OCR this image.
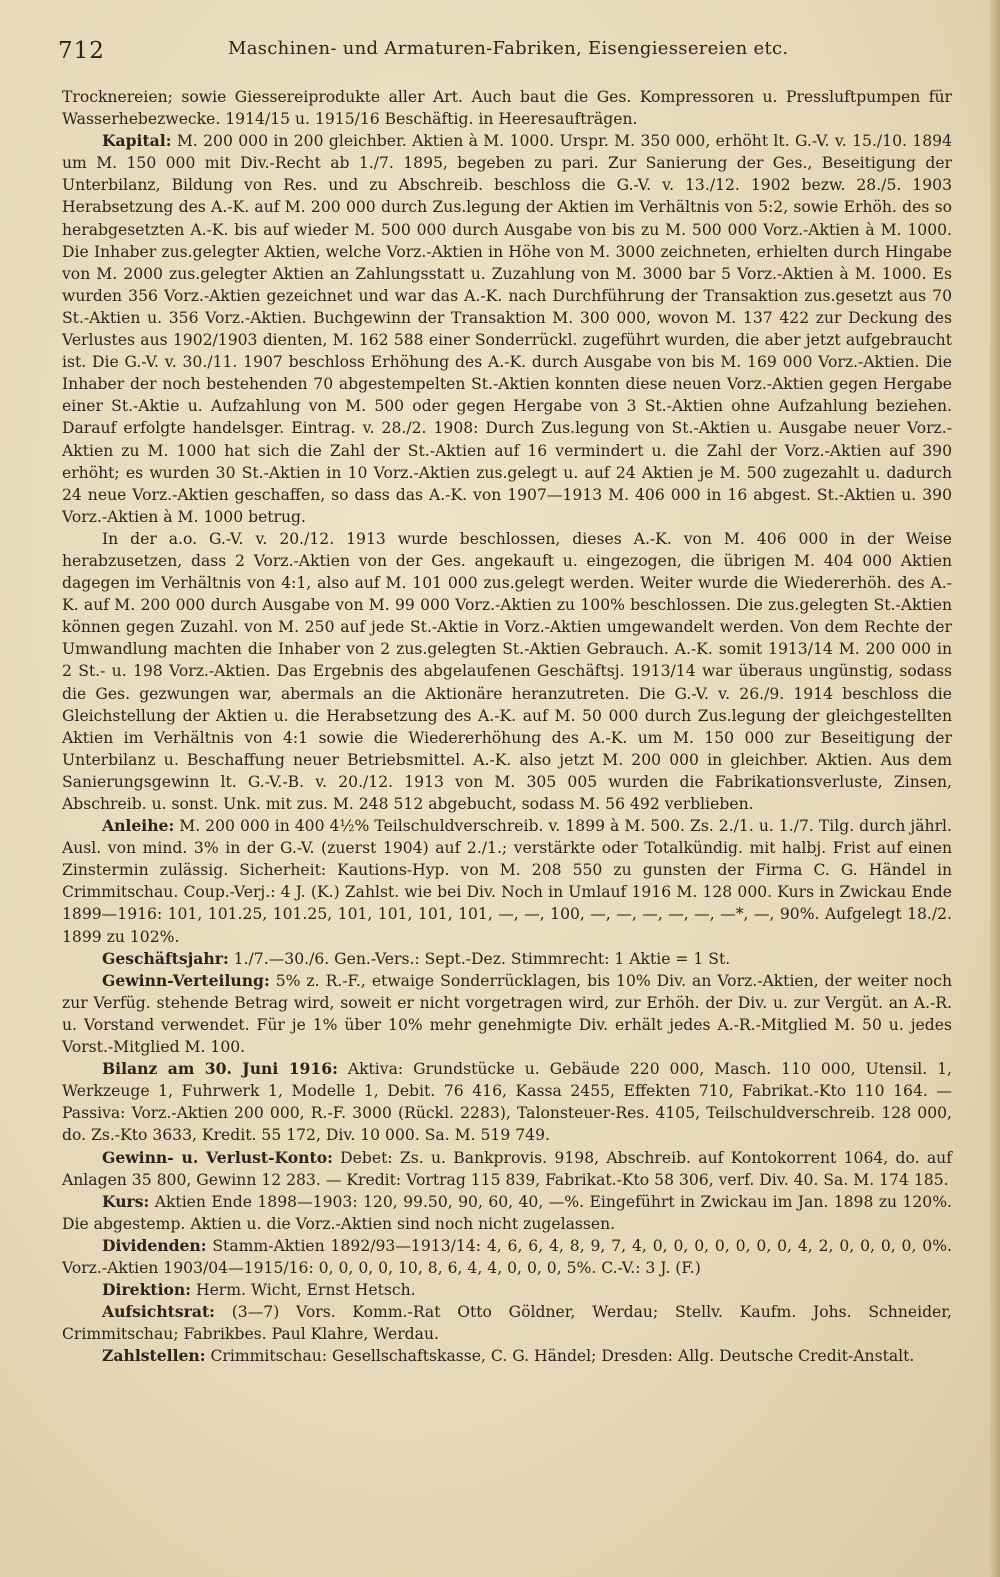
712	Maschinen- und Armaturen-Fabriken, Eisengiessereien etc.

Trocknereien; sowie Giessereiprodukte aller Art. Auch baut die Ges. Kompressoren u. Pressluftpumpen für Wasserhebezwecke. 1914/15 u. 1915/16 Beschäftig. in Heeresaufträgen.

Kapital: M. 200 000 in 200 gleichber. Aktien à M. 1000. Urspr. M. 350 000, erhöht lt. G.-V. v. 15./10. 1894 um M. 150 000 mit Div.-Recht ab 1./7. 1895, begeben zu pari. Zur Sanierung der Ges., Beseitigung der Unterbilanz, Bildung von Res. und zu Abschreib. beschloss die G.-V. v. 13./12. 1902 bezw. 28./5. 1903 Herabsetzung des A.-K. auf M. 200 000 durch Zus.legung der Aktien im Verhältnis von 5:2, sowie Erhöh. des so herabgesetzten A.-K. bis auf wieder M. 500 000 durch Ausgabe von bis zu M. 500 000 Vorz.-Aktien à M. 1000. Die Inhaber zus.gelegter Aktien, welche Vorz.-Aktien in Höhe von M. 3000 zeichneten, erhielten durch Hingabe von M. 2000 zus.gelegter Aktien an Zahlungsstatt u. Zuzahlung von M. 3000 bar 5 Vorz.-Aktien à M. 1000. Es wurden 356 Vorz.-Aktien gezeichnet und war das A.-K. nach Durchführung der Transaktion zus.gesetzt aus 70 St.-Aktien u. 356 Vorz.-Aktien. Buchgewinn der Transaktion M. 300 000, wovon M. 137 422 zur Deckung des Verlustes aus 1902/1903 dienten, M. 162 588 einer Sonderrückl. zugeführt wurden, die aber jetzt aufgebraucht ist. Die G.-V. v. 30./11. 1907 beschloss Erhöhung des A.-K. durch Ausgabe von bis M. 169 000 Vorz.-Aktien. Die Inhaber der noch bestehenden 70 abgestempelten St.-Aktien konnten diese neuen Vorz.-Aktien gegen Hergabe einer St.-Aktie u. Aufzahlung von M. 500 oder gegen Hergabe von 3 St.-Aktien ohne Aufzahlung beziehen. Darauf erfolgte handelsger. Eintrag. v. 28./2. 1908: Durch Zus.legung von St.-Aktien u. Ausgabe neuer Vorz.-Aktien zu M. 1000 hat sich die Zahl der St.-Aktien auf 16 vermindert u. die Zahl der Vorz.-Aktien auf 390 erhöht; es wurden 30 St.-Aktien in 10 Vorz.-Aktien zus.gelegt u. auf 24 Aktien je M. 500 zugezahlt u. dadurch 24 neue Vorz.-Aktien geschaffen, so dass das A.-K. von 1907—1913 M. 406 000 in 16 abgest. St.-Aktien u. 390 Vorz.-Aktien à M. 1000 betrug.

In der a.o. G.-V. v. 20./12. 1913 wurde beschlossen, dieses A.-K. von M. 406 000 in der Weise herabzusetzen, dass 2 Vorz.-Aktien von der Ges. angekauft u. eingezogen, die übrigen M. 404 000 Aktien dagegen im Verhältnis von 4:1, also auf M. 101 000 zus.gelegt werden. Weiter wurde die Wiedererhöh. des A.-K. auf M. 200 000 durch Ausgabe von M. 99 000 Vorz.-Aktien zu 100% beschlossen. Die zus.gelegten St.-Aktien können gegen Zuzahl. von M. 250 auf jede St.-Aktie in Vorz.-Aktien umgewandelt werden. Von dem Rechte der Umwandlung machten die Inhaber von 2 zus.gelegten St.-Aktien Gebrauch. A.-K. somit 1913/14 M. 200 000 in 2 St.- u. 198 Vorz.-Aktien. Das Ergebnis des abgelaufenen Geschäftsj. 1913/14 war überaus ungünstig, sodass die Ges. gezwungen war, abermals an die Aktionäre heranzutreten. Die G.-V. v. 26./9. 1914 beschloss die Gleichstellung der Aktien u. die Herabsetzung des A.-K. auf M. 50 000 durch Zus.legung der gleichgestellten Aktien im Verhältnis von 4:1 sowie die Wiedererhöhung des A.-K. um M. 150 000 zur Beseitigung der Unterbilanz u. Beschaffung neuer Betriebsmittel. A.-K. also jetzt M. 200 000 in gleichber. Aktien. Aus dem Sanierungsgewinn lt. G.-V.-B. v. 20./12. 1913 von M. 305 005 wurden die Fabrikationsverluste, Zinsen, Abschreib. u. sonst. Unk. mit zus. M. 248 512 abgebucht, sodass M. 56 492 verblieben.

Anleihe: M. 200 000 in 400 4½% Teilschuldverschreib. v. 1899 à M. 500. Zs. 2./1. u. 1./7. Tilg. durch jährl. Ausl. von mind. 3% in der G.-V. (zuerst 1904) auf 2./1.; verstärkte oder Totalkündig. mit halbj. Frist auf einen Zinstermin zulässig. Sicherheit: Kautions-Hyp. von M. 208 550 zu gunsten der Firma C. G. Händel in Crimmitschau. Coup.-Verj.: 4 J. (K.) Zahlst. wie bei Div. Noch in Umlauf 1916 M. 128 000. Kurs in Zwickau Ende 1899—1916: 101, 101.25, 101.25, 101, 101, 101, 101, —, —, 100, —, —, —, —, —, —*, —, 90%. Aufgelegt 18./2. 1899 zu 102%.

Geschäftsjahr: 1./7.—30./6. Gen.-Vers.: Sept.-Dez. Stimmrecht: 1 Aktie = 1 St.

Gewinn-Verteilung: 5% z. R.-F., etwaige Sonderrücklagen, bis 10% Div. an Vorz.-Aktien, der weiter noch zur Verfüg. stehende Betrag wird, soweit er nicht vorgetragen wird, zur Erhöh. der Div. u. zur Vergüt. an A.-R. u. Vorstand verwendet. Für je 1% über 10% mehr genehmigte Div. erhält jedes A.-R.-Mitglied M. 50 u. jedes Vorst.-Mitglied M. 100.

Bilanz am 30. Juni 1916: Aktiva: Grundstücke u. Gebäude 220 000, Masch. 110 000, Utensil. 1, Werkzeuge 1, Fuhrwerk 1, Modelle 1, Debit. 76 416, Kassa 2455, Effekten 710, Fabrikat.-Kto 110 164. — Passiva: Vorz.-Aktien 200 000, R.-F. 3000 (Rückl. 2283), Talonsteuer-Res. 4105, Teilschuldverschreib. 128 000, do. Zs.-Kto 3633, Kredit. 55 172, Div. 10 000. Sa. M. 519 749.

Gewinn- u. Verlust-Konto: Debet: Zs. u. Bankprovis. 9198, Abschreib. auf Kontokorrent 1064, do. auf Anlagen 35 800, Gewinn 12 283. — Kredit: Vortrag 115 839, Fabrikat.-Kto 58 306, verf. Div. 40. Sa. M. 174 185.

Kurs: Aktien Ende 1898—1903: 120, 99.50, 90, 60, 40, —%. Eingeführt in Zwickau im Jan. 1898 zu 120%. Die abgestemp. Aktien u. die Vorz.-Aktien sind noch nicht zugelassen.

Dividenden: Stamm-Aktien 1892/93—1913/14: 4, 6, 6, 4, 8, 9, 7, 4, 0, 0, 0, 0, 0, 0, 0, 4, 2, 0, 0, 0, 0, 0%. Vorz.-Aktien 1903/04—1915/16: 0, 0, 0, 0, 10, 8, 6, 4, 4, 0, 0, 0, 5%. C.-V.: 3 J. (F.)

Direktion: Herm. Wicht, Ernst Hetsch.

Aufsichtsrat: (3—7) Vors. Komm.-Rat Otto Göldner, Werdau; Stellv. Kaufm. Johs. Schneider, Crimmitschau; Fabrikbes. Paul Klahre, Werdau.

Zahlstellen: Crimmitschau: Gesellschaftskasse, C. G. Händel; Dresden: Allg. Deutsche Credit-Anstalt.
